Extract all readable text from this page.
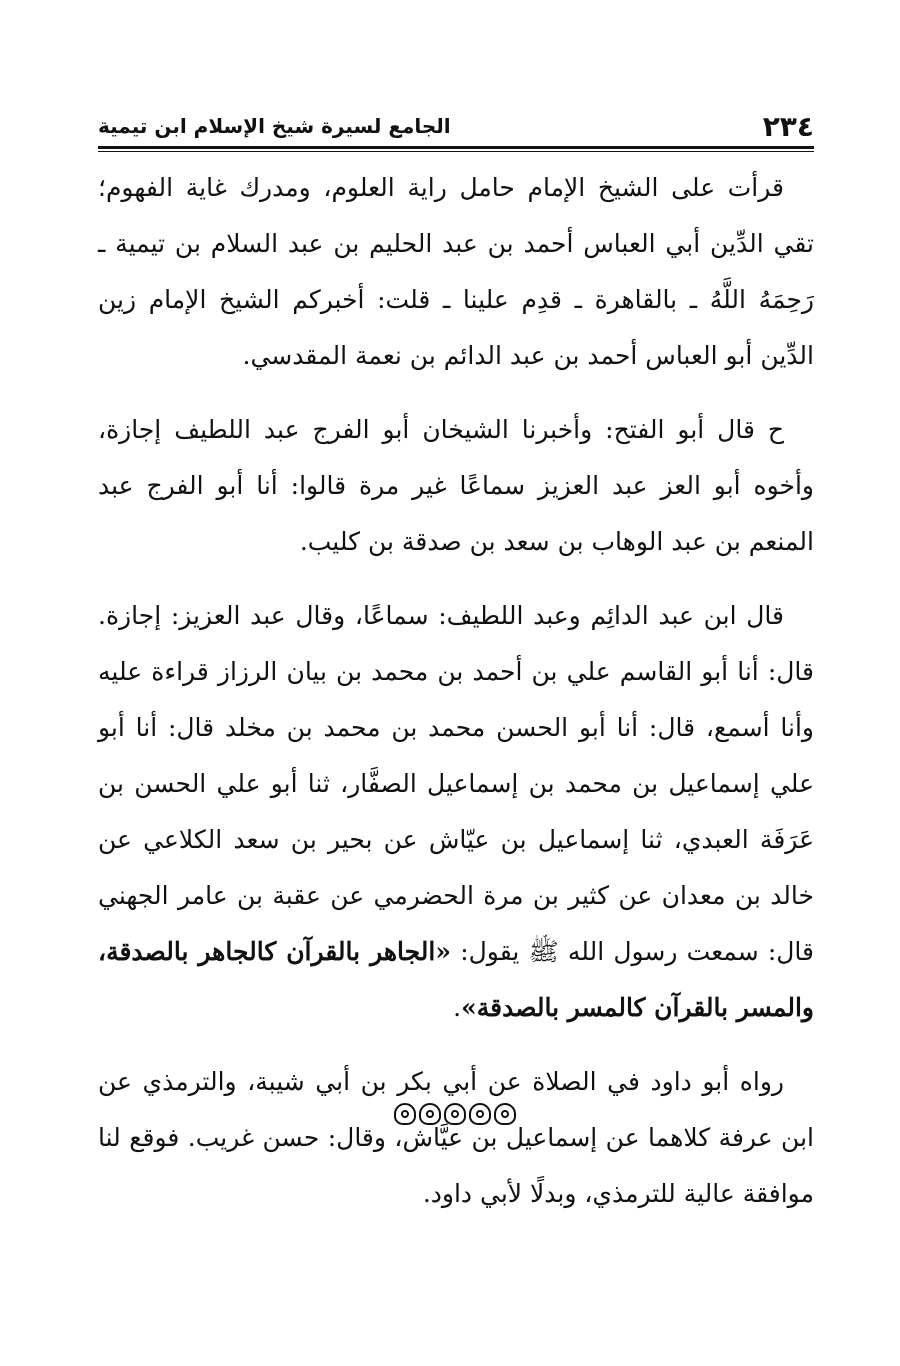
٢٣٤
الجامع لسيرة شيخ الإسلام ابن تيمية

قرأت على الشيخ الإمام حامل راية العلوم، ومدرك غاية الفهوم؛ تقي الدِّين أبي العباس أحمد بن عبد الحليم بن عبد السلام بن تيمية ـ رَحِمَهُ اللَّهُ ـ بالقاهرة ـ قدِم علينا ـ قلت: أخبركم الشيخ الإمام زين الدِّين أبو العباس أحمد بن عبد الدائم بن نعمة المقدسي.

ح قال أبو الفتح: وأخبرنا الشيخان أبو الفرج عبد اللطيف إجازة، وأخوه أبو العز عبد العزيز سماعًا غير مرة قالوا: أنا أبو الفرج عبد المنعم بن عبد الوهاب بن سعد بن صدقة بن كليب.

قال ابن عبد الدائِم وعبد اللطيف: سماعًا، وقال عبد العزيز: إجازة. قال: أنا أبو القاسم علي بن أحمد بن محمد بن بيان الرزاز قراءة عليه وأنا أسمع، قال: أنا أبو الحسن محمد بن محمد بن مخلد قال: أنا أبو علي إسماعيل بن محمد بن إسماعيل الصفَّار، ثنا أبو علي الحسن بن عَرَفَة العبدي، ثنا إسماعيل بن عيّاش عن بحير بن سعد الكلاعي عن خالد بن معدان عن كثير بن مرة الحضرمي عن عقبة بن عامر الجهني قال: سمعت رسول الله ﷺ يقول: «الجاهر بالقرآن كالجاهر بالصدقة، والمسر بالقرآن كالمسر بالصدقة».

رواه أبو داود في الصلاة عن أبي بكر بن أبي شيبة، والترمذي عن ابن عرفة كلاهما عن إسماعيل بن عيَّاش، وقال: حسن غريب. فوقع لنا موافقة عالية للترمذي، وبدلًا لأبي داود.
